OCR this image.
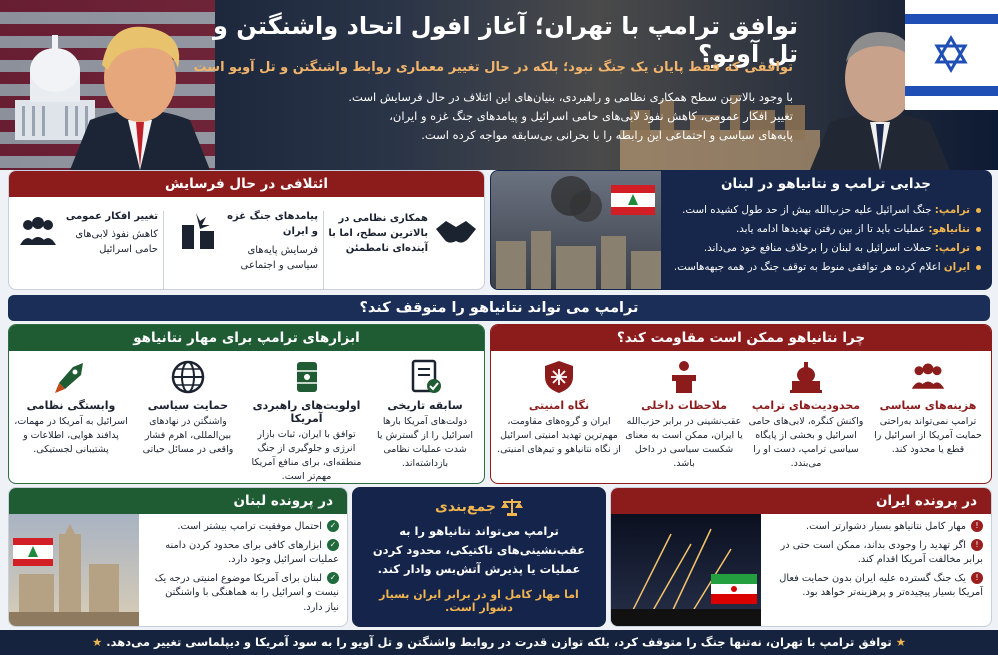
توافق ترامپ با تهران؛ آغاز افول اتحاد واشنگتن و تل آویو؟
توافقی که فقط پایان یک جنگ نبود؛ بلکه در حال تغییر معماری روابط واشنگتن و تل آویو است
با وجود بالاترین سطح همکاری نظامی و راهبردی، بنیان‌های این ائتلاف در حال فرسایش است.
تغییر افکار عمومی، کاهش نفوذ لابی‌های حامی اسرائیل و پیامدهای جنگ غزه و ایران،
پایه‌های سیاسی و اجتماعی این رابطه را با بحرانی بی‌سابقه مواجه کرده است.
ائتلافی در حال فرسایش
همکاری نظامی در بالاترین سطح، اما با آینده‌ای نامطمئن
پیامدهای جنگ غزه و ایران
فرسایش پایه‌های سیاسی و اجتماعی
تغییر افکار عمومی
کاهش نفوذ لابی‌های حامی اسرائیل
جدایی ترامپ و نتانیاهو در لبنان
ترامپ: جنگ اسرائیل علیه حزب‌الله بیش از حد طول کشیده است.
نتانیاهو: عملیات باید تا از بین رفتن تهدیدها ادامه یابد.
ترامپ: حملات اسرائیل به لبنان را برخلاف منافع خود می‌داند.
ایران اعلام کرده هر توافقی منوط به توقف جنگ در همه جبهه‌هاست.
ترامپ می‌ تواند نتانیاهو را متوقف کند؟
ابزارهای ترامپ برای مهار نتانیاهو
سابقه تاریخی
دولت‌های آمریکا بارها اسرائیل را از گسترش یا شدت عملیات نظامی بازداشته‌اند.
اولویت‌های راهبردی آمریکا
توافق با ایران، ثبات بازار انرژی و جلوگیری از جنگ منطقه‌ای، برای منافع آمریکا مهم‌تر است.
حمایت سیاسی
واشنگتن در نهادهای بین‌المللی، اهرم فشار واقعی در مسائل حیاتی
وابستگی نظامی
اسرائیل به آمریکا در مهمات، پدافند هوایی، اطلاعات و پشتیبانی لجستیکی.
چرا نتانیاهو ممکن است مقاومت کند؟
هزینه‌های سیاسی
ترامپ نمی‌تواند به‌راحتی حمایت آمریکا از اسرائیل را قطع یا محدود کند.
محدودیت‌های ترامپ
واکنش کنگره، لابی‌های حامی اسرائیل و بخشی از پایگاه سیاسی ترامپ، دست او را می‌بندد.
ملاحظات داخلی
عقب‌نشینی در برابر حزب‌الله یا ایران، ممکن است به معنای شکست سیاسی در داخل باشد.
نگاه امنیتی
ایران و گروه‌های مقاومت، مهم‌ترین تهدید امنیتی اسرائیل از نگاه نتانیاهو و تیم‌های امنیتی.
در پرونده ایران
!مهار کامل نتانیاهو بسیار دشوارتر است.
!اگر تهدید را وجودی بداند، ممکن است حتی در برابر مخالفت آمریکا اقدام کند.
!یک جنگ گسترده علیه ایران بدون حمایت فعال آمریکا بسیار پیچیده‌تر و پرهزینه‌تر خواهد بود.
جمع‌بندی
ترامپ می‌تواند نتانیاهو را به عقب‌نشینی‌های تاکتیکی، محدود کردن عملیات یا پذیرش آتش‌بس وادار کند.
اما مهار کامل او در برابر ایران بسیار دشوار است.
در پرونده لبنان
✓احتمال موفقیت ترامپ بیشتر است.
✓ابزارهای کافی برای محدود کردن دامنه عملیات اسرائیل وجود دارد.
✓لبنان برای آمریکا موضوع امنیتی درجه یک نیست و اسرائیل را به هماهنگی با واشنگتن نیاز دارد.
★ توافق ترامپ با تهران، نه‌تنها جنگ را متوقف کرد، بلکه توازن قدرت در روابط واشنگتن و تل آویو را به سود آمریکا و دیپلماسی تغییر می‌دهد. ★
